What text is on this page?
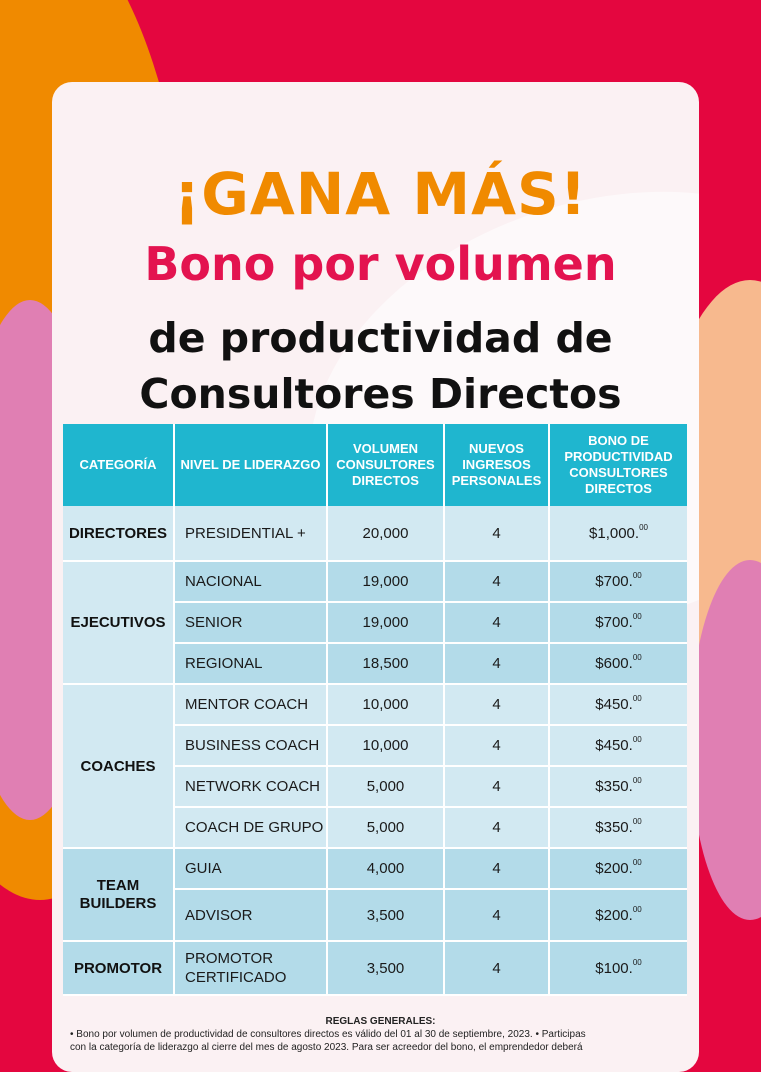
¡GANA MÁS!
Bono por volumen
de productividad de
Consultores Directos
CATEGORÍA	NIVEL DE LIDERAZGO	VOLUMEN CONSULTORES DIRECTOS	NUEVOS INGRESOS PERSONALES	BONO DE PRODUCTIVIDAD CONSULTORES DIRECTOS
DIRECTORES	PRESIDENTIAL +	20,000	4	$1,000.00
EJECUTIVOS	NACIONAL	19,000	4	$700.00
	SENIOR	19,000	4	$700.00
	REGIONAL	18,500	4	$600.00
COACHES	MENTOR COACH	10,000	4	$450.00
	BUSINESS COACH	10,000	4	$450.00
	NETWORK COACH	5,000	4	$350.00
	COACH DE GRUPO	5,000	4	$350.00
TEAM BUILDERS	GUIA	4,000	4	$200.00
	ADVISOR	3,500	4	$200.00
PROMOTOR	PROMOTOR CERTIFICADO	3,500	4	$100.00
REGLAS GENERALES:
• Bono por volumen de productividad de consultores directos es válido del 01 al 30 de septiembre, 2023. • Participas
con la categoría de liderazgo al cierre del mes de agosto 2023. Para ser acreedor del bono, el emprendedor deberá
